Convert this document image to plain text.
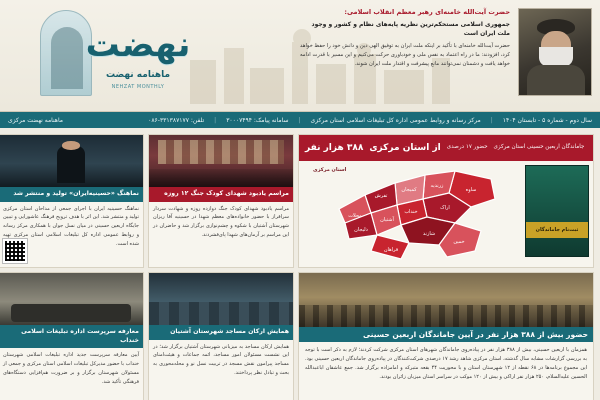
نهضت
ماهنامه نهضت
NEHZAT MONTHLY
حضرت آیت‌الله خامنه‌ای رهبر معظم انقلاب اسلامی:
جمهوری اسلامی مستحکم‌ترین نظریه پایه‌های نظام و کشور و وجود ملت ایران است
حضرت آیت‌الله خامنه‌ای با تأکید بر اینکه ملت ایران به توفیق الهی دین و دانش خود را حفظ خواهد کرد، افزودند: ما در راه اعتماد به نفس ملی و خودباوری حرکت می‌کنیم و این مسیر با قدرت ادامه خواهد یافت و دشمنان نمی‌توانند مانع پیشرفت و اقتدار ملت ایران شوند.
سال دوم - شماره ۵ - تابستان ۱۴۰۴
|
مرکز رسانه و روابط عمومی اداره کل تبلیغات اسلامی استان مرکزی
|
سامانه پیامک: ۳۰۰۰۷۴۹۴
|
تلفن: ۳۳۱۳۸۷۱۷۷-۰۸۶
ماهنامه نهضت مرکزی
جاماندگان اربعین حسینی استان مرکزی
حضور ۱۷ درصدی
از استان مرکزی
۳۸۸ هزار نفر
ثبت‌نام جاماندگان
استان مرکزی
ساوه
زرندیه
اراک
كميجان
خنداب
تفرش
آشتيان
شازند
فراهان
محلات
دليجان
خمين
مراسم یادبود شهدای کودک جنگ ۱۲ روزه
مراسم یادبود شهدای کودک جنگ دوازده روزه و شهادت سردار سرافراز با حضور خانواده‌های معظم شهدا در حسینیه آقا ریزان شهرستان آشتیان با شکوه و چشم‌نوازی برگزار شد و حاضران در این مراسم بر آرمان‌های شهدا پای‌فشردند.
نماهنگ «حسینیه‌ایران» تولید و منتشر شد
نماهنگ حسینیه ایران با اجرای جمعی از مداحان استان مرکزی تولید و منتشر شد. این اثر با هدف ترویج فرهنگ عاشورایی و تبیین جایگاه اربعین حسینی در میان نسل جوان با همکاری مرکز رسانه و روابط عمومی اداره کل تبلیغات اسلامی استان مرکزی تهیه شده است.
حضور بیش از ۳۸۸ هزار نفر در آیین جاماندگان اربعین حسینی
همزمان با اربعین حسینی، بیش از ۳۸۸ هزار نفر در پیاده‌روی جاماندگان شهرهای استان مرکزی شرکت کردند؛ لازم به ذکر است با توجه به بررسی گزارشات مشابه سال گذشته، استان مرکزی شاهد رشد ۱۷ درصدی شرکت‌کنندگان در پیاده‌روی جاماندگان اربعین حسینی بود. این مجموع برنامه‌ها در ۶۸ نقطه از ۱۲ شهرستان استان و با محوریت ۴۴ بقعه متبرکه و امامزاده برگزار شد. جمع عاشقان اباعبدالله الحسین علیه‌السلام، ۲۵۰ هزار نفر اراکی و بیش از ۱۲۰ موکب در سراسر استان میزبان زائران بودند.
همایش ارکان مساجد شهرستان آشتیان
همایش ارکان مساجد به میزبانی شهرستان آشتیان برگزار شد؛ در این نشست مسئولان امور مساجد، ائمه جماعات و هیئت‌امنای مساجد پیرامون نقش مسجد در تربیت نسل نو و محله‌محوری به بحث و تبادل نظر پرداختند.
معارفه سرپرست اداره تبلیغات اسلامی خنداب
آیین معارفه سرپرست جدید اداره تبلیغات اسلامی شهرستان خنداب با حضور مدیرکل تبلیغات اسلامی استان مرکزی و جمعی از مسئولان شهرستان برگزار و بر ضرورت هم‌افزایی دستگاه‌های فرهنگی تأکید شد.
